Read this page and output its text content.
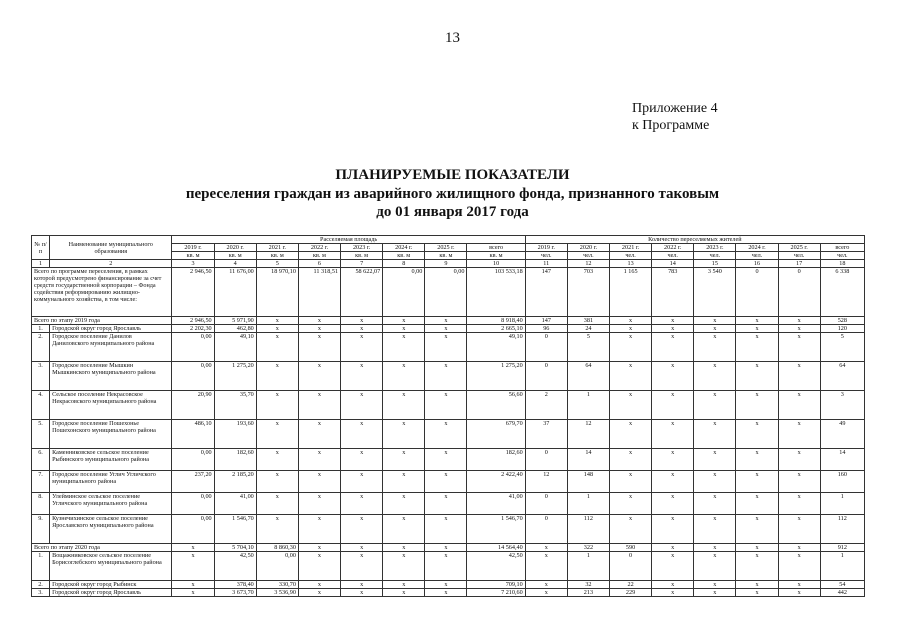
13
Приложение 4
к Программе
ПЛАНИРУЕМЫЕ ПОКАЗАТЕЛИ
переселения граждан из аварийного жилищного фонда, признанного таковым
до 01 января 2017 года
№ п/п	Наименование муниципального образования	Расселяемая площадь								Количество переселяемых жителей							
		2019 г.	2020 г.	2021 г.	2022 г.	2023 г.	2024 г.	2025 г.	всего	2019 г.	2020 г.	2021 г.	2022 г.	2023 г.	2024 г.	2025 г.	всего
		кв. м	кв. м	кв. м	кв. м	кв. м	кв. м	кв. м	кв. м	чел.	чел.	чел.	чел.	чел.	чел.	чел.	чел.
1	2	3	4	5	6	7	8	9	10	11	12	13	14	15	16	17	18
Всего по программе переселения, в рамках которой предусмотрено финансирование за счет средств государственной корпорации – Фонда содействия реформированию жилищно-коммунального хозяйства, в том числе:		2 946,50	11 676,00	18 970,10	11 318,51	58 622,07	0,00	0,00	103 533,18	147	703	1 165	783	3 540	0	0	6 338
Всего по этапу 2019 года		2 946,50	5 971,90	х	х	х	х	х	8 918,40	147	381	х	х	х	х	х	528
1.	Городской округ город Ярославль	2 202,30	462,80	х	х	х	х	х	2 665,10	96	24	х	х	х	х	х	120
2.	Городское поселение Данилов Даниловского муниципального района	0,00	49,10	х	х	х	х	х	49,10	0	5	х	х	х	х	х	5
3.	Городское поселение Мышкин Мышкинского муниципального района	0,00	1 275,20	х	х	х	х	х	1 275,20	0	64	х	х	х	х	х	64
4.	Сельское поселение Некрасовское Некрасовского муниципального района	20,90	35,70	х	х	х	х	х	56,60	2	1	х	х	х	х	х	3
5.	Городское поселение Пошехонье Пошехонского муниципального района	486,10	193,60	х	х	х	х	х	679,70	37	12	х	х	х	х	х	49
6.	Каменниковское сельское поселение Рыбинского муниципального района	0,00	182,60	х	х	х	х	х	182,60	0	14	х	х	х	х	х	14
7.	Городское поселение Углич Угличского муниципального района	237,20	2 185,20	х	х	х	х	х	2 422,40	12	148	х	х	х	х	х	160
8.	Улейминское сельское поселение Угличского муниципального района	0,00	41,00	х	х	х	х	х	41,00	0	1	х	х	х	х	х	1
9.	Кузнечихинское сельское поселение Ярославского муниципального района	0,00	1 546,70	х	х	х	х	х	1 546,70	0	112	х	х	х	х	х	112
Всего по этапу 2020 года		х	5 704,10	8 860,30	х	х	х	х	14 564,40	х	322	590	х	х	х	х	912
1.	Вощажниковское сельское поселение Борисоглебского муниципального района	х	42,50	0,00	х	х	х	х	42,50	х	1	0	х	х	х	х	1
2.	Городской округ город Рыбинск	х	378,40	330,70	х	х	х	х	709,10	х	32	22	х	х	х	х	54
3.	Городской округ город Ярославль	х	3 673,70	3 536,90	х	х	х	х	7 210,60	х	213	229	х	х	х	х	442
